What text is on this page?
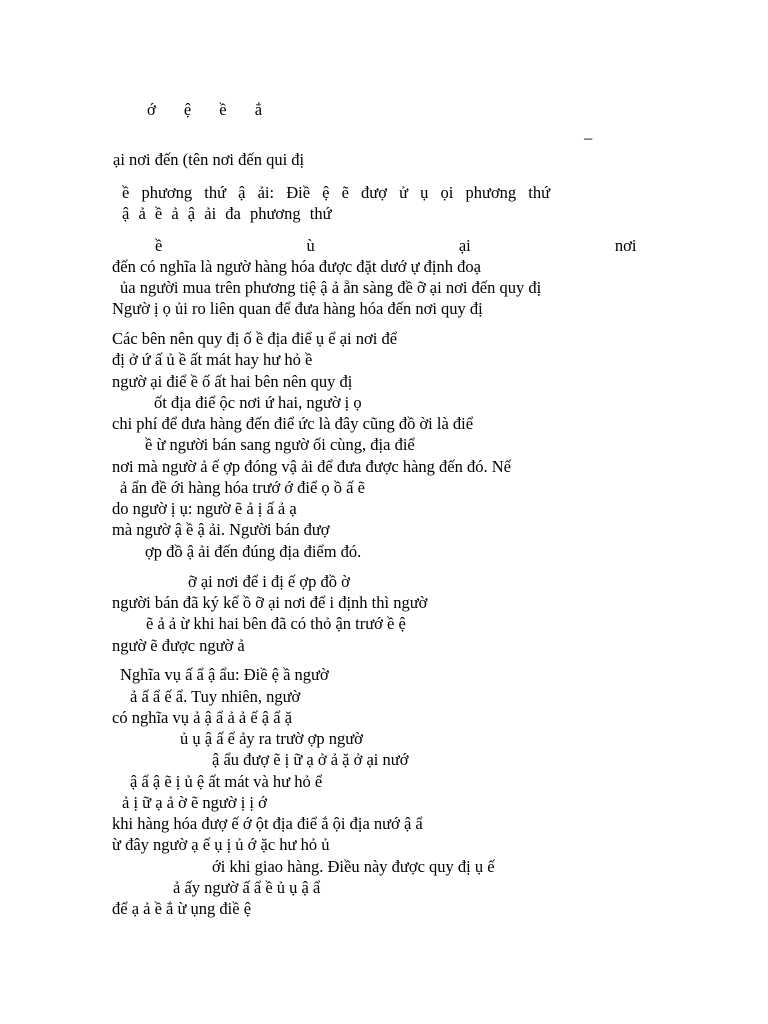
ớ ệ ề ắ
–
ại nơi đến (tên nơi đến qui đị
ề phương thứ ậ ải: Điề ệ ẽ đượ ử ụ ọi phương thứ
ậ ả ề ả ậ ải đa phương thứ
ề ù ại nơi
đến có nghĩa là ngườ hàng hóa được đặt dướ ự định đoạ
ủa người mua trên phương tiệ ậ ả ẵn sàng đề ỡ ại nơi đến quy đị
Ngườ ị ọ ủi ro liên quan để đưa hàng hóa đến nơi quy đị
Các bên nên quy đị ố ề địa điể ụ ể ại nơi để
đị ở ứ ấ ủ ề ất mát hay hư hỏ ề
ngườ ại điể ề ố ất hai bên nên quy đị
ốt địa điể ộc nơi ứ hai, ngườ ị ọ
chi phí để đưa hàng đến điể ức là đây cũng đồ ời là điể
ề ừ người bán sang ngườ ối cùng, địa điể
nơi mà ngườ ả ế ợp đóng vậ ải để đưa được hàng đến đó. Nế
ả ẩn đề ới hàng hóa trướ ớ điể ọ ồ ấ ẽ
do ngườ ị ụ: ngườ ẽ ả ị ấ ả ạ
mà ngườ ậ ề ậ ải. Người bán đượ
ợp đồ ậ ải đến đúng địa điểm đó.
ỡ ại nơi để i đị ế ợp đồ ờ
người bán đã ký kế ồ ỡ ại nơi để i định thì ngườ
ẽ ả ả ừ khi hai bên đã có thỏ ận trướ ề ệ
ngườ ẽ được ngườ ả
Nghĩa vụ ấ ẩ ậ ẩu: Điề ệ ầ ngườ
ả ấ ẩ ế ẩ. Tuy nhiên, ngườ
có nghĩa vụ ả ậ ẩ ả ả ế ậ ẩ ặ
ủ ụ ậ ấ ế ảy ra trườ ợp ngườ
ậ ẩu đượ ẽ ị ữ ạ ở ả ặ ở ại nướ
ậ ẩ ậ ẽ ị ủ ệ ất mát và hư hỏ ể
ả ị ữ ạ ả ờ ẽ ngườ ị ị ớ
khi hàng hóa đượ ế ớ ột địa điể ắ ội địa nướ ậ ẩ
ừ đây ngườ ạ ế ụ ị ủ ớ ặc hư hỏ ủ
ới khi giao hàng. Điều này được quy đị ụ ế
ả ấy ngườ ấ ẩ ề ủ ụ ậ ẩ
để ạ ả ề ắ ừ ụng điề ệ
